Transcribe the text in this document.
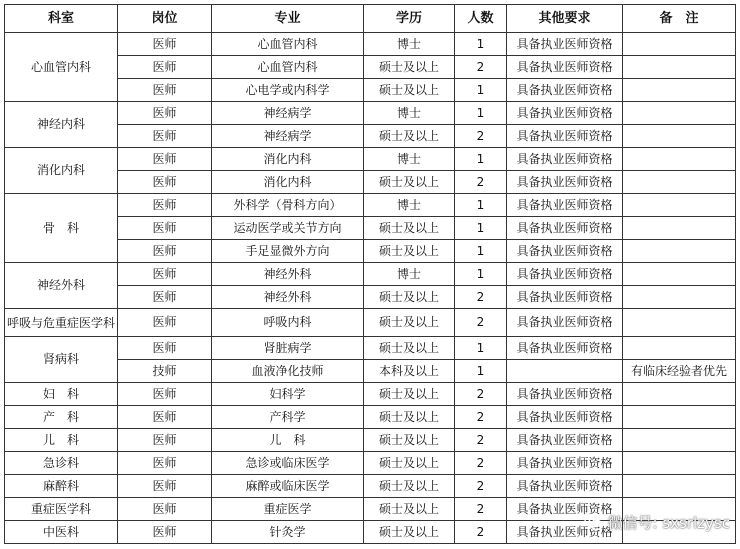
科室	岗位	专业	学历	人数	其他要求	备　注
心血管内科	医师	心血管内科	博士	1	具备执业医师资格	
	医师	心血管内科	硕士及以上	2	具备执业医师资格	
	医师	心电学或内科学	硕士及以上	1	具备执业医师资格	
神经内科	医师	神经病学	博士	1	具备执业医师资格	
	医师	神经病学	硕士及以上	2	具备执业医师资格	
消化内科	医师	消化内科	博士	1	具备执业医师资格	
	医师	消化内科	硕士及以上	2	具备执业医师资格	
骨　科	医师	外科学（骨科方向）	博士	1	具备执业医师资格	
	医师	运动医学或关节方向	硕士及以上	1	具备执业医师资格	
	医师	手足显微外方向	硕士及以上	1	具备执业医师资格	
神经外科	医师	神经外科	博士	1	具备执业医师资格	
	医师	神经外科	硕士及以上	2	具备执业医师资格	
呼吸与危重症医学科	医师	呼吸内科	硕士及以上	2	具备执业医师资格	
肾病科	医师	肾脏病学	硕士及以上	1	具备执业医师资格	
	技师	血液净化技师	本科及以上	1		有临床经验者优先
妇　科	医师	妇科学	硕士及以上	2	具备执业医师资格	
产　科	医师	产科学	硕士及以上	2	具备执业医师资格	
儿　科	医师	儿　科	硕士及以上	2	具备执业医师资格	
急诊科	医师	急诊或临床医学	硕士及以上	2	具备执业医师资格	
麻醉科	医师	麻醉或临床医学	硕士及以上	2	具备执业医师资格	
重症医学科	医师	重症医学	硕士及以上	2	具备执业医师资格	
中医科	医师	针灸学	硕士及以上	2	具备执业医师资格	
微信号: sxsrlzysc
